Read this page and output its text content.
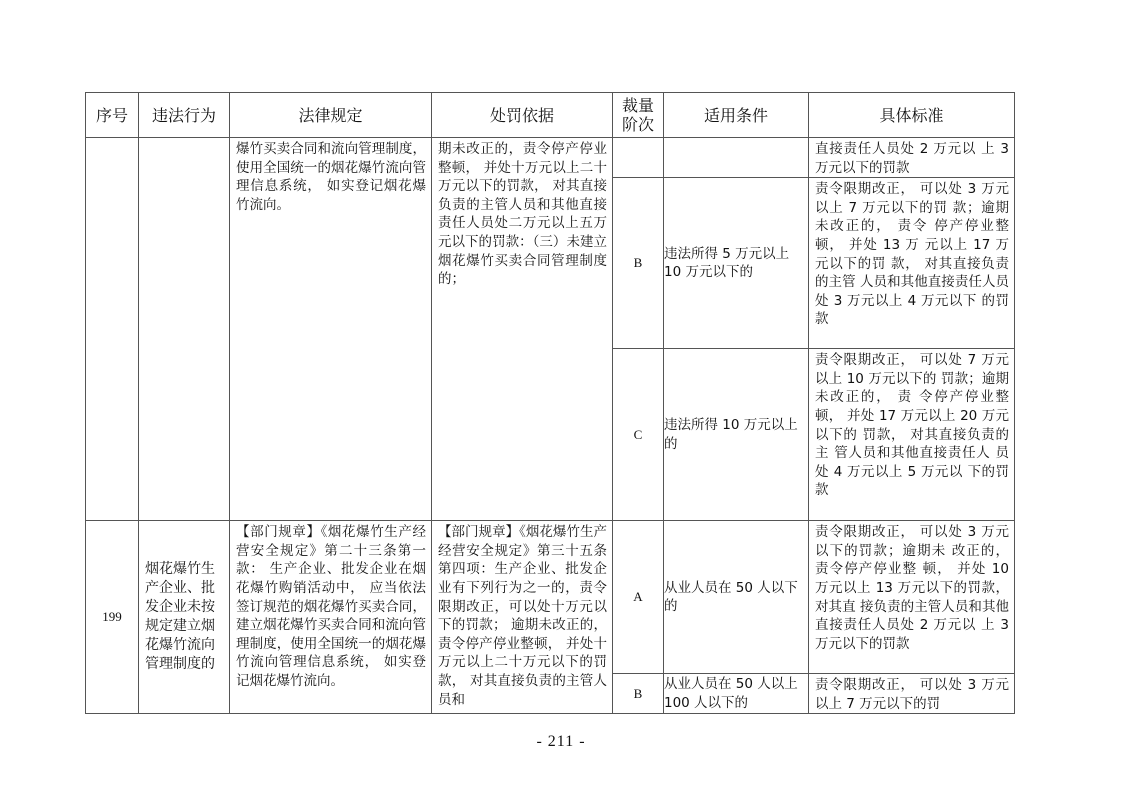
序号	违法行为	法律规定	处罚依据	裁量阶次	适用条件	具体标准

		爆竹买卖合同和流向管理制度，使用全国统一的烟花爆竹流向管理信息系统， 如实登记烟花爆竹流向。	期未改正的，责令停产停业整顿， 并处十万元以上二十万元以下的罚款， 对其直接负责的主管人员和其他直接责任人员处二万元以上五万元以下的罚款：（三）未建立烟花爆竹买卖合同管理制度的；			直接责任人员处 2 万元以 上 3 万元以下的罚款

				B	违法所得 5 万元以上 10 万元以下的	责令限期改正， 可以处 3 万元以上 7 万元以下的罚 款；逾期未改正的， 责令 停产停业整顿， 并处 13 万 元以上 17 万元以下的罚 款， 对其直接负责的主管 人员和其他直接责任人员 处 3 万元以上 4 万元以下 的罚款

				C	违法所得 10 万元以上的	责令限期改正， 可以处 7 万元以上 10 万元以下的 罚款；逾期未改正的， 责 令停产停业整顿， 并处 17 万元以上 20 万元以下的 罚款， 对其直接负责的主 管人员和其他直接责任人 员处 4 万元以上 5 万元以 下的罚款

199	烟花爆竹生产企业、批发企业未按规定建立烟花爆竹流向管理制度的	【部门规章】《烟花爆竹生产经营安全规定》第二十三条第一款： 生产企业、批发企业在烟花爆竹购销活动中， 应当依法签订规范的烟花爆竹买卖合同， 建立烟花爆竹买卖合同和流向管理制度，使用全国统一的烟花爆竹流向管理信息系统， 如实登记烟花爆竹流向。	【部门规章】《烟花爆竹生产经营安全规定》第三十五条第四项：生产企业、批发企业有下列行为之一的，责令限期改正，可以处十万元以下的罚款； 逾期未改正的，责令停产停业整顿， 并处十万元以上二十万元以下的罚款， 对其直接负责的主管人员和	A	从业人员在 50 人以下的	责令限期改正， 可以处 3 万元以下的罚款；逾期未 改正的， 责令停产停业整 顿， 并处 10 万元以上 13 万元以下的罚款， 对其直 接负责的主管人员和其他 直接责任人员处 2 万元以 上 3 万元以下的罚款

				B	从业人员在 50 人以上 100 人以下的	责令限期改正， 可以处 3 万元以上 7 万元以下的罚
- 211 -
